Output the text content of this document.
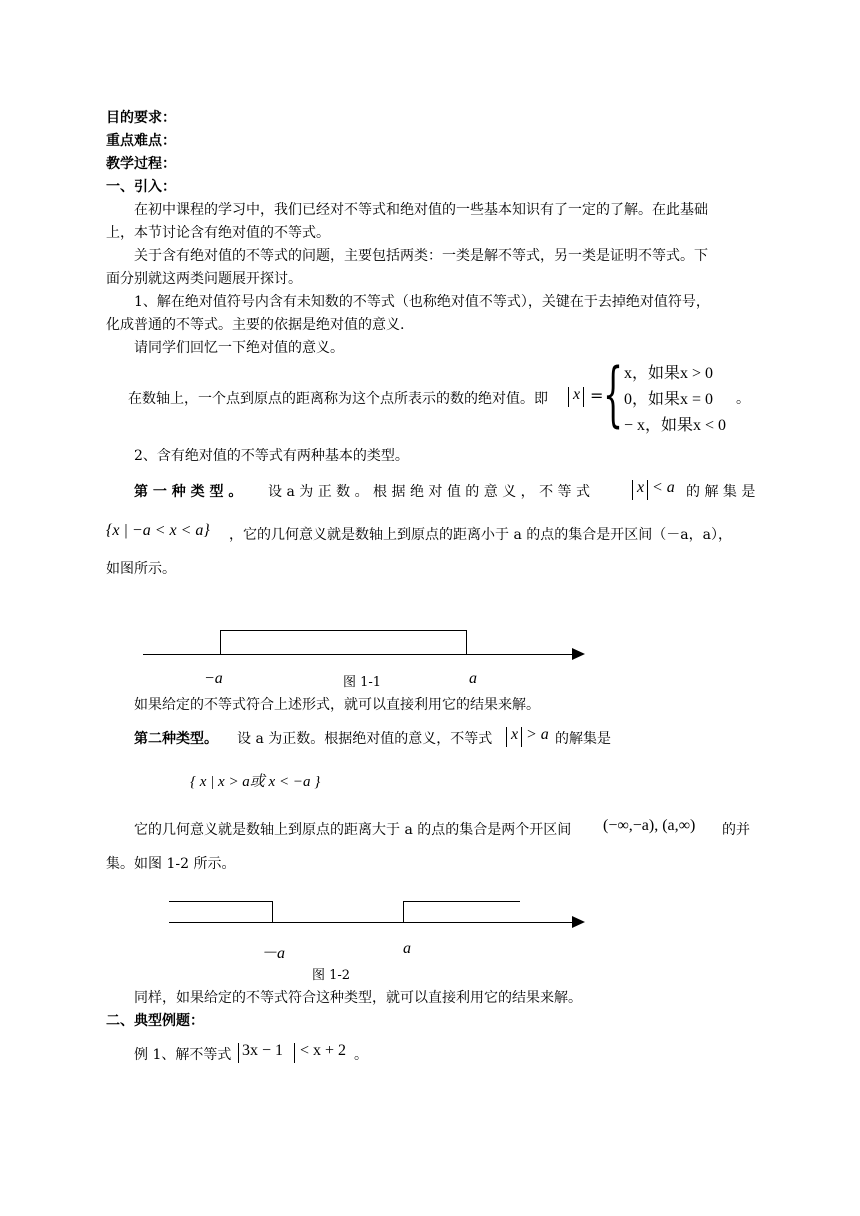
目的要求：
重点难点：
教学过程：
一、引入：
在初中课程的学习中，我们已经对不等式和绝对值的一些基本知识有了一定的了解。在此基础
上，本节讨论含有绝对值的不等式。
关于含有绝对值的不等式的问题，主要包括两类：一类是解不等式，另一类是证明不等式。下
面分别就这两类问题展开探讨。
1、解在绝对值符号内含有未知数的不等式（也称绝对值不等式），关键在于去掉绝对值符号，
化成普通的不等式。主要的依据是绝对值的意义.
请同学们回忆一下绝对值的意义。
在数轴上，一个点到原点的距离称为这个点所表示的数的绝对值。即 x = { x，如果x > 0
0，如果x = 0
− x，如果x < 0
。
2、含有绝对值的不等式有两种基本的类型。
第 一 种 类 型 。 设 a 为 正 数 。 根 据 绝 对 值 的 意 义 ， 不 等 式	x < a 的 解 集 是
{x | −a < x < a} ，它的几何意义就是数轴上到原点的距离小于 a 的点的集合是开区间（－a，a），
如图所示。
−a	图 1-1	a
如果给定的不等式符合上述形式，就可以直接利用它的结果来解。
第二种类型。 设 a 为正数。根据绝对值的意义，不等式 x > a 的解集是
{ x | x > a或 x < −a }
它的几何意义就是数轴上到原点的距离大于 a 的点的集合是两个开区间 (−∞,−a), (a,∞) 的并
集。如图 1-2 所示。
－a	a
图 1-2
同样，如果给定的不等式符合这种类型，就可以直接利用它的结果来解。
二、典型例题：
例 1、解不等式 3x − 1 < x + 2 。
